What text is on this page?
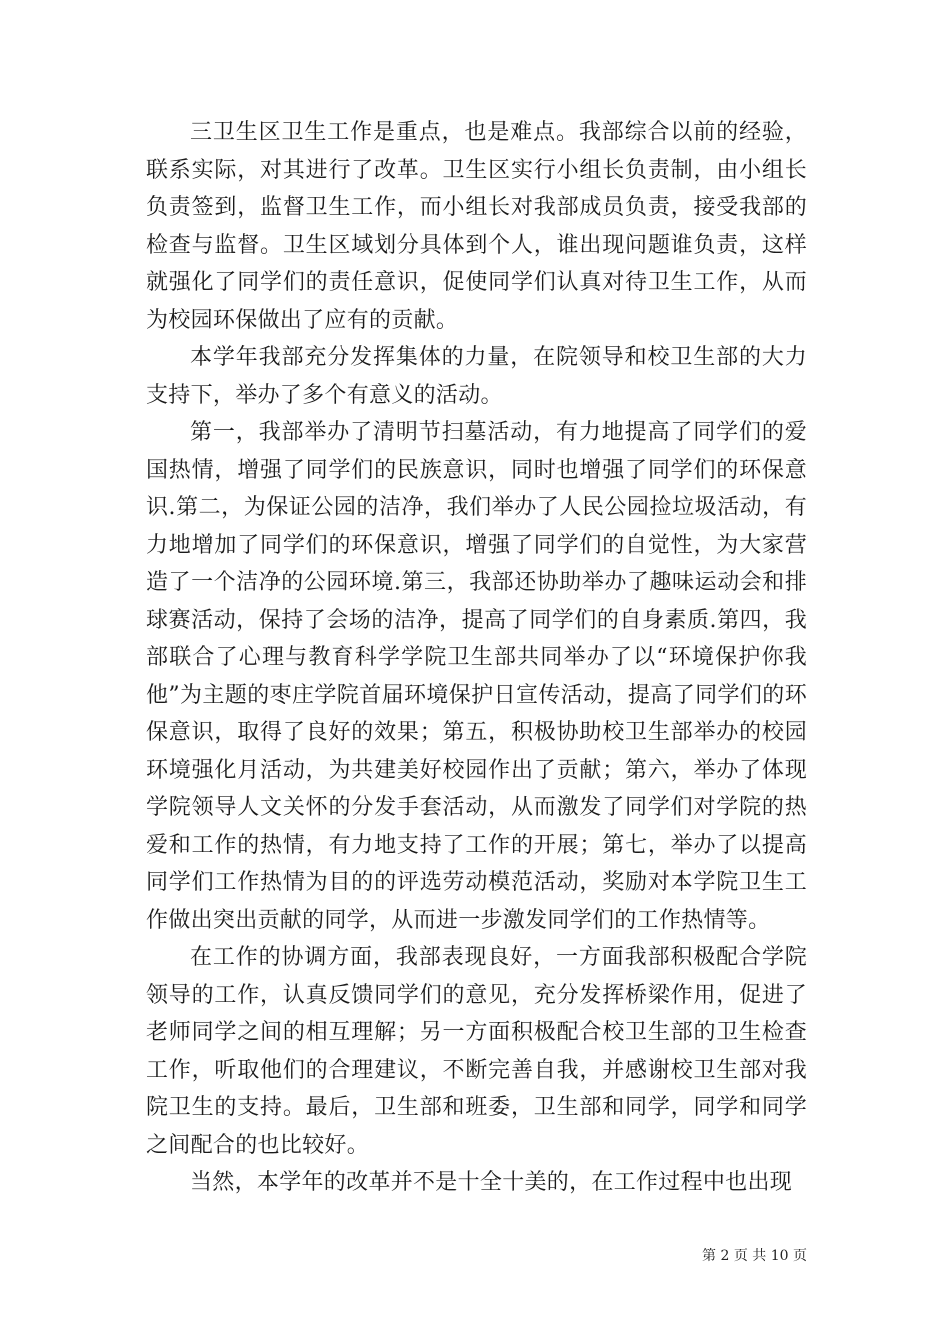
三卫生区卫生工作是重点，也是难点。我部综合以前的经验，联系实际，对其进行了改革。卫生区实行小组长负责制，由小组长负责签到，监督卫生工作，而小组长对我部成员负责，接受我部的检查与监督。卫生区域划分具体到个人，谁出现问题谁负责，这样就强化了同学们的责任意识，促使同学们认真对待卫生工作，从而为校园环保做出了应有的贡献。

本学年我部充分发挥集体的力量，在院领导和校卫生部的大力支持下，举办了多个有意义的活动。

第一，我部举办了清明节扫墓活动，有力地提高了同学们的爱国热情，增强了同学们的民族意识，同时也增强了同学们的环保意识.第二，为保证公园的洁净，我们举办了人民公园捡垃圾活动，有力地增加了同学们的环保意识，增强了同学们的自觉性，为大家营造了一个洁净的公园环境.第三，我部还协助举办了趣味运动会和排球赛活动，保持了会场的洁净，提高了同学们的自身素质.第四，我部联合了心理与教育科学学院卫生部共同举办了以“环境保护你我他”为主题的枣庄学院首届环境保护日宣传活动，提高了同学们的环保意识，取得了良好的效果；第五，积极协助校卫生部举办的校园环境强化月活动，为共建美好校园作出了贡献；第六，举办了体现学院领导人文关怀的分发手套活动，从而激发了同学们对学院的热爱和工作的热情，有力地支持了工作的开展；第七，举办了以提高同学们工作热情为目的的评选劳动模范活动，奖励对本学院卫生工作做出突出贡献的同学，从而进一步激发同学们的工作热情等。

在工作的协调方面，我部表现良好，一方面我部积极配合学院领导的工作，认真反馈同学们的意见，充分发挥桥梁作用，促进了老师同学之间的相互理解；另一方面积极配合校卫生部的卫生检查工作，听取他们的合理建议，不断完善自我，并感谢校卫生部对我院卫生的支持。最后，卫生部和班委，卫生部和同学，同学和同学之间配合的也比较好。

当然，本学年的改革并不是十全十美的，在工作过程中也出现

第 2 页 共 10 页
